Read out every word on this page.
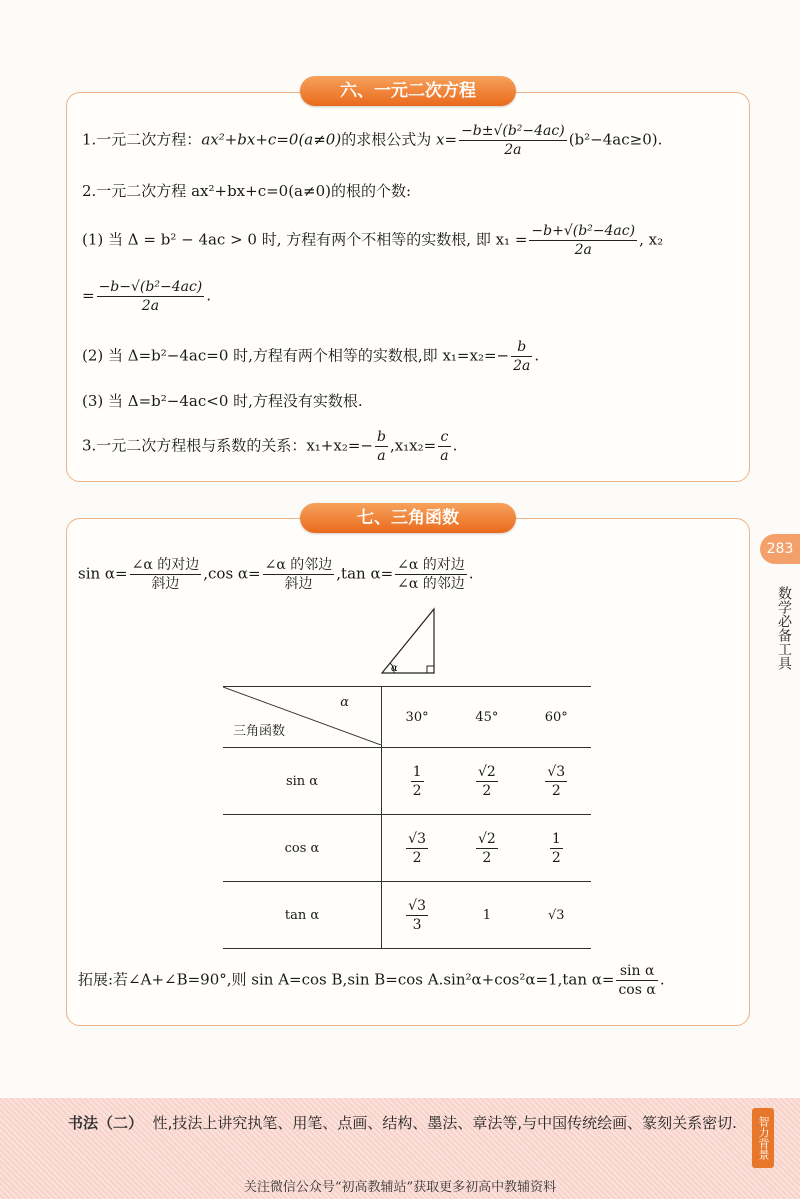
六、一元二次方程
1.一元二次方程：ax²+bx+c=0(a≠0)的求根公式为 $x= \frac{\text{−b±√(b²−4ac)}}{2a} (b^2-4ac\ge 0)$.
2.一元二次方程 ax²+bx+c=0(a≠0)的根的个数:
(1) 当 Δ = b² − 4ac > 0 时, 方程有两个不相等的实数根, 即 $x_1 = \frac{\text{−b+√(b²−4ac)}}{2a}$ , x₂
= $\frac{\text{−b−√(b²−4ac)}}{2a}$ .
(2) 当 Δ=b²−4ac=0 时,方程有两个相等的实数根,即 $x_1=x_2=- \frac{b}{2a}$ .
(3) 当 Δ=b²−4ac<0 时,方程没有实数根.
3.一元二次方程根与系数的关系：$x_1+x_2=- \frac{b}{a} ,x_1x_2= \frac{c}{a}$ .
七、三角函数
$\sin \alpha= \frac{\text{∠α 的对边}}{\text{斜边}} ,\cos$ $\alpha= \frac{\text{∠α 的邻边}}{\text{斜边}} ,\tan$ $\alpha= \frac{\text{∠α 的对边}}{\text{∠α 的邻边}}$ .
α
α
三角函数	30°	45°	60°
sin α	$\frac{1}{2}$	$\frac{√2}{2}$	$\frac{√3}{2}$

cos α	$\frac{√3}{2}$	$\frac{√2}{2}$	$\frac{1}{2}$

tan α	$\frac{√3}{3}$	1	√3
拓展:若∠A+∠B=90°,则 sin A=cos B,sin B=cos A.sin²α+cos²α=1,tan $\alpha= \frac{\text{sin α}}{\text{cos α}}$ .
283
数学必备工具
书法（二） 性,技法上讲究执笔、用笔、点画、结构、墨法、章法等,与中国传统绘画、篆刻关系密切.	智力背景
关注微信公众号“初高教辅站”获取更多初高中教辅资料
